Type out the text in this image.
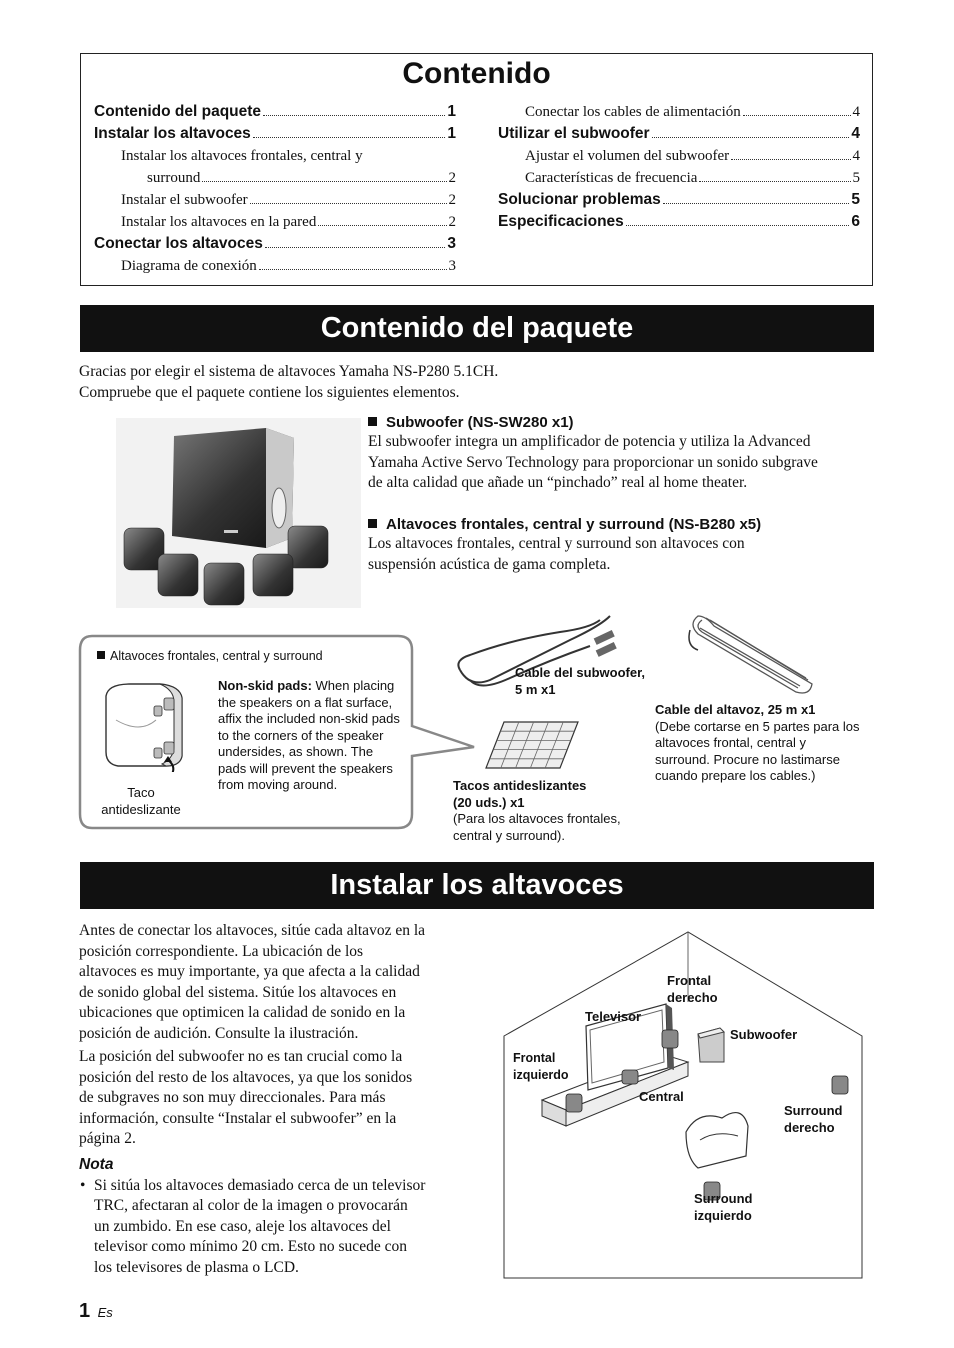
Contenido
Contenido del paquete	1
Instalar los altavoces	1
Instalar los altavoces frontales, central y
surround	2
Instalar el subwoofer	2
Instalar los altavoces en la pared	2
Conectar los altavoces	3
Diagrama de conexión	3
Conectar los cables de alimentación	4
Utilizar el subwoofer	4
Ajustar el volumen del subwoofer	4
Características de frecuencia	5
Solucionar problemas	5
Especificaciones	6
Contenido del paquete
Gracias por elegir el sistema de altavoces Yamaha NS-P280 5.1CH.
Compruebe que el paquete contiene los siguientes elementos.
Subwoofer (NS-SW280 x1)
El subwoofer integra un amplificador de potencia y utiliza la Advanced
Yamaha Active Servo Technology para proporcionar un sonido subgrave
de alta calidad que añade un “pinchado” real al home theater.
Altavoces frontales, central y surround (NS-B280 x5)
Los altavoces frontales, central y surround son altavoces con
suspensión acústica de gama completa.
Altavoces frontales, central y surround
Taco
antideslizante
Non-skid pads: When placing the speakers on a flat surface, affix the included non-skid pads to the corners of the speaker undersides, as shown. The pads will prevent the speakers from moving around.
Cable del subwoofer,
5 m x1
Tacos antideslizantes
(20 uds.) x1
(Para los altavoces frontales,
central y surround).
Cable del altavoz, 25 m x1
(Debe cortarse en 5 partes para los
altavoces frontal, central y
surround. Procure no lastimarse
cuando prepare los cables.)
Instalar los altavoces
Antes de conectar los altavoces, sitúe cada altavoz en la
posición correspondiente. La ubicación de los
altavoces es muy importante, ya que afecta a la calidad
de sonido global del sistema. Sitúe los altavoces en
ubicaciones que optimicen la calidad de sonido en la
posición de audición. Consulte la ilustración.
La posición del subwoofer no es tan crucial como la
posición del resto de los altavoces, ya que los sonidos
de subgraves no son muy direccionales. Para más
información, consulte “Instalar el subwoofer” en la
página 2.
Nota
• Si sitúa los altavoces demasiado cerca de un televisor
TRC, afectaran al color de la imagen o provocarán
un zumbido. En ese caso, aleje los altavoces del
televisor como mínimo 20 cm. Esto no sucede con
los televisores de plasma o LCD.
Frontal
derecho
Televisor
Subwoofer
Frontal
izquierdo
Central
Surround
derecho
Surround
izquierdo
1 Es
